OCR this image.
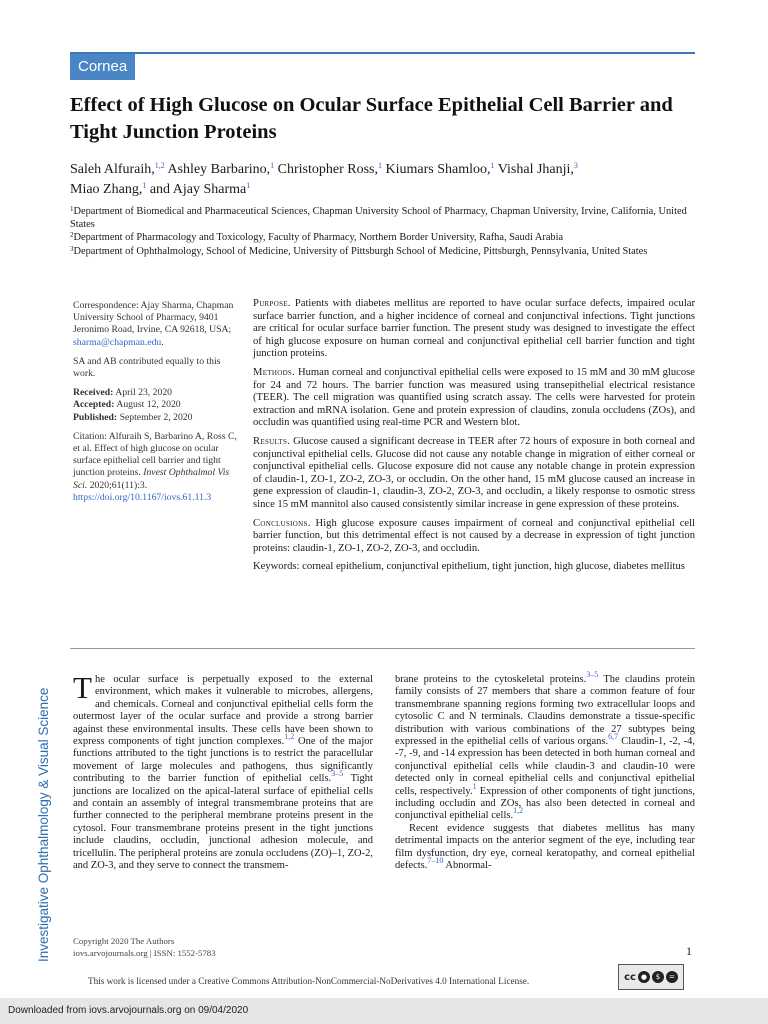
Cornea
Effect of High Glucose on Ocular Surface Epithelial Cell Barrier and Tight Junction Proteins
Saleh Alfuraih,$^{1,2}$ Ashley Barbarino,$^1$ Christopher Ross,$^1$ Kiumars Shamloo,$^1$ Vishal Jhanji,$^3$
Miao Zhang,$^1$ and Ajay Sharma$^1$
$^1$Department of Biomedical and Pharmaceutical Sciences, Chapman University School of Pharmacy, Chapman University, Irvine, California, United States
$^2$Department of Pharmacology and Toxicology, Faculty of Pharmacy, Northern Border University, Rafha, Saudi Arabia
$^3$Department of Ophthalmology, School of Medicine, University of Pittsburgh School of Medicine, Pittsburgh, Pennsylvania, United States

Correspondence: Ajay Sharma, Chapman University School of Pharmacy, 9401 Jeronimo Road, Irvine, CA 92618, USA; sharma@chapman.edu.

SA and AB contributed equally to this work.

Received: April 23, 2020
Accepted: August 12, 2020
Published: September 2, 2020

Citation: Alfuraih S, Barbarino A, Ross C, et al. Effect of high glucose on ocular surface epithelial cell barrier and tight junction proteins. Invest Ophthalmol Vis Sci. 2020;61(11):3.
https://doi.org/10.1167/iovs.61.11.3

Purpose. Patients with diabetes mellitus are reported to have ocular surface defects, impaired ocular surface barrier function, and a higher incidence of corneal and conjunctival infections. Tight junctions are critical for ocular surface barrier function. The present study was designed to investigate the effect of high glucose exposure on human corneal and conjunctival epithelial cell barrier function and tight junction proteins.

Methods. Human corneal and conjunctival epithelial cells were exposed to 15 mM and 30 mM glucose for 24 and 72 hours. The barrier function was measured using transepithelial electrical resistance (TEER). The cell migration was quantified using scratch assay. The cells were harvested for protein extraction and mRNA isolation. Gene and protein expression of claudins, zonula occludens (ZOs), and occludin was quantified using real-time PCR and Western blot.

Results. Glucose caused a significant decrease in TEER after 72 hours of exposure in both corneal and conjunctival epithelial cells. Glucose did not cause any notable change in migration of either corneal or conjunctival epithelial cells. Glucose exposure did not cause any notable change in protein expression of claudin-1, ZO-1, ZO-2, ZO-3, or occludin. On the other hand, 15 mM glucose caused an increase in gene expression of claudin-1, claudin-3, ZO-2, ZO-3, and occludin, a likely response to osmotic stress since 15 mM mannitol also caused consistently similar increase in gene expression of these proteins.

Conclusions. High glucose exposure causes impairment of corneal and conjunctival epithelial cell barrier function, but this detrimental effect is not caused by a decrease in expression of tight junction proteins: claudin-1, ZO-1, ZO-2, ZO-3, and occludin.

Keywords: corneal epithelium, conjunctival epithelium, tight junction, high glucose, diabetes mellitus

Investigative Ophthalmology & Visual Science

The ocular surface is perpetually exposed to the external environment, which makes it vulnerable to microbes, allergens, and chemicals. Corneal and conjunctival epithelial cells form the outermost layer of the ocular surface and provide a strong barrier against these environmental insults. These cells have been shown to express components of tight junction complexes.$^{1,2}$ One of the major functions attributed to the tight junctions is to restrict the paracellular movement of large molecules and pathogens, thus significantly contributing to the barrier function of epithelial cells.$^{3-5}$ Tight junctions are localized on the apical-lateral surface of epithelial cells and contain an assembly of integral transmembrane proteins that are further connected to the peripheral membrane proteins present in the cytosol. Four transmembrane proteins present in the tight junctions include claudins, occludin, junctional adhesion molecule, and tricellulin. The peripheral proteins are zonula occludens (ZO)–1, ZO-2, and ZO-3, and they serve to connect the transmem-

brane proteins to the cytoskeletal proteins.$^{3-5}$ The claudins protein family consists of 27 members that share a common feature of four transmembrane spanning regions forming two extracellular loops and cytosolic C and N terminals. Claudins demonstrate a tissue-specific distribution with various combinations of the 27 subtypes being expressed in the epithelial cells of various organs.$^{6,7}$ Claudin-1, -2, -4, -7, -9, and -14 expression has been detected in both human corneal and conjunctival epithelial cells while claudin-3 and claudin-10 were detected only in corneal epithelial cells and conjunctival epithelial cells, respectively.$^1$ Expression of other components of tight junctions, including occludin and ZOs, has also been detected in corneal and conjunctival epithelial cells.$^{1,2}$

Recent evidence suggests that diabetes mellitus has many detrimental impacts on the anterior segment of the eye, including tear film dysfunction, dry eye, corneal keratopathy, and corneal epithelial defects.$^{7-10}$ Abnormal-

Copyright 2020 The Authors
iovs.arvojournals.org | ISSN: 1552-5783	1
This work is licensed under a Creative Commons Attribution-NonCommercial-NoDerivatives 4.0 International License.	cc ●	$	=
Downloaded from iovs.arvojournals.org on 09/04/2020
